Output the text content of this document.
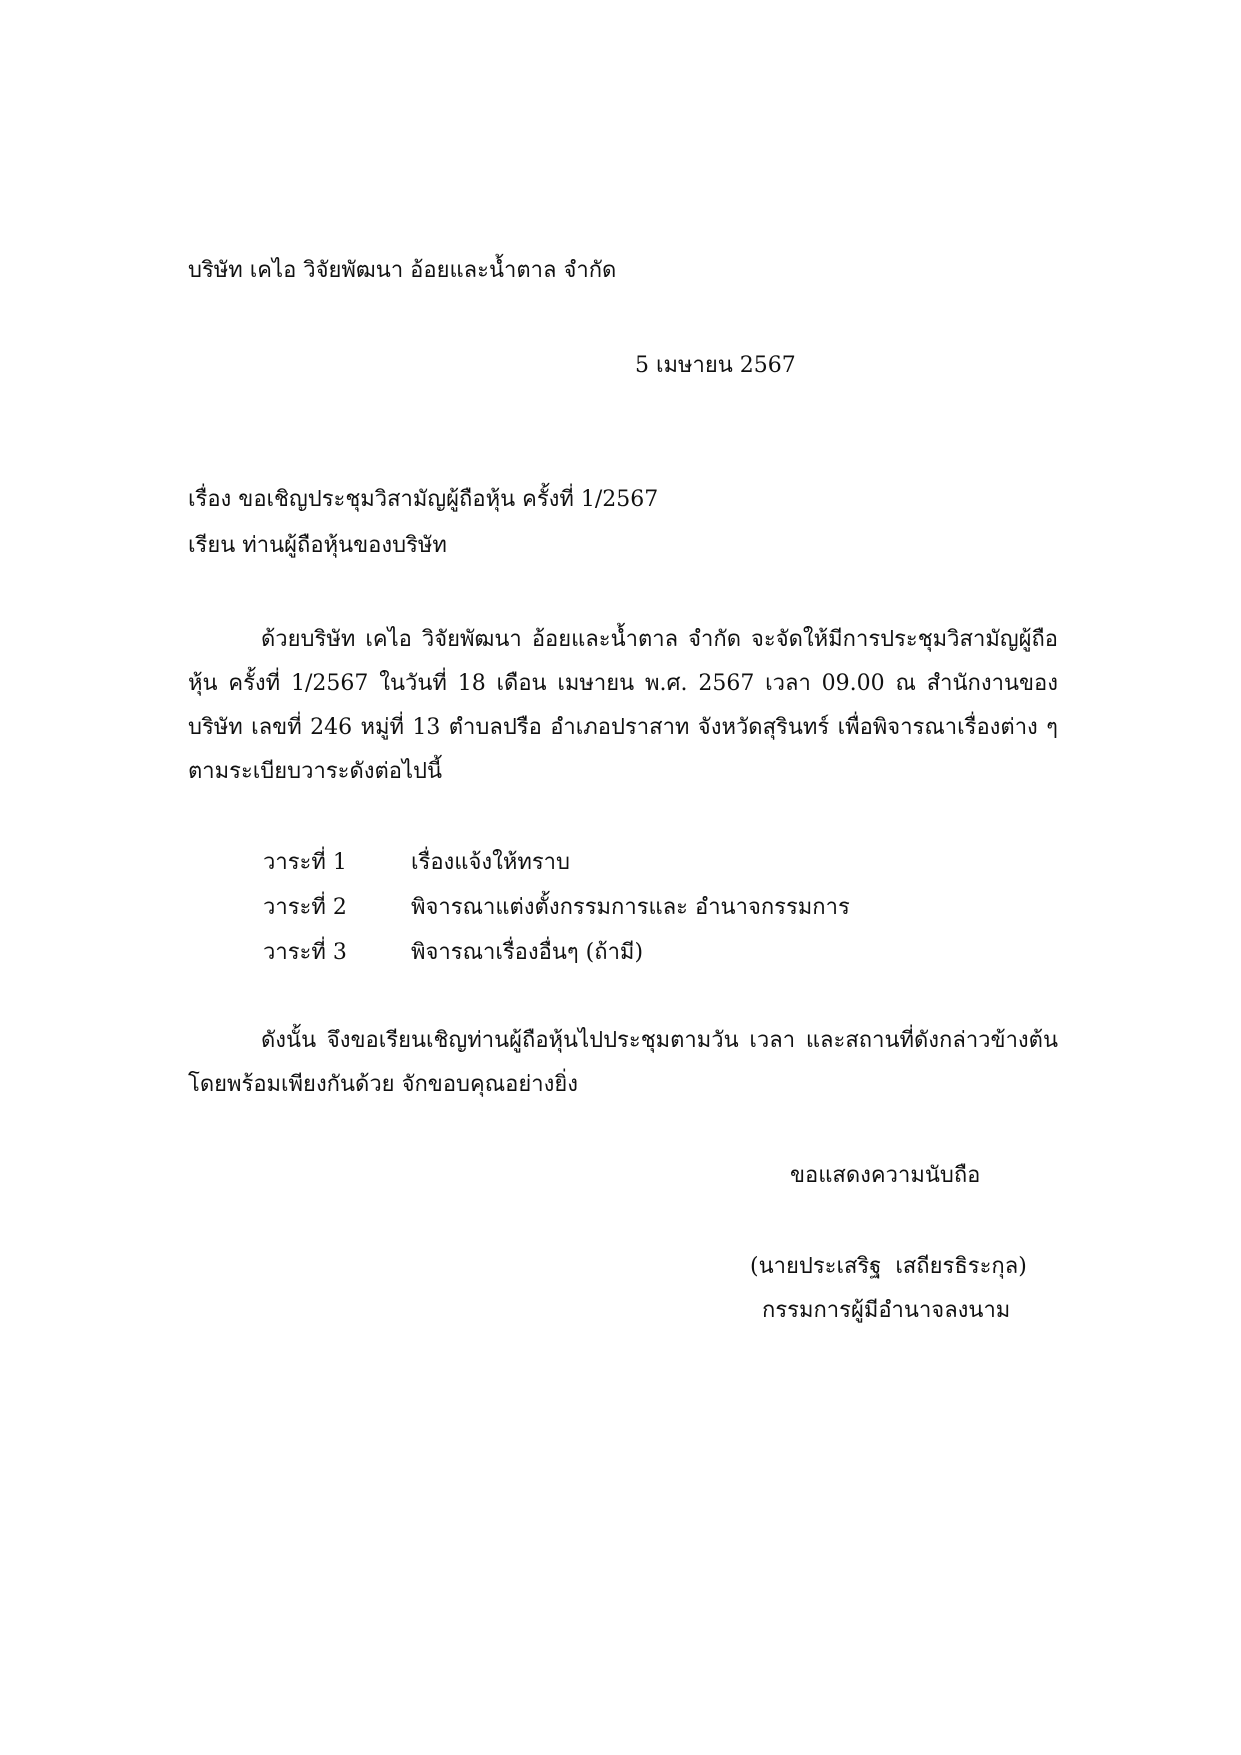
บริษัท เคไอ วิจัยพัฒนา อ้อยและน้ำตาล จำกัด
5 เมษายน 2567
เรื่อง ขอเชิญประชุมวิสามัญผู้ถือหุ้น ครั้งที่ 1/2567
เรียน ท่านผู้ถือหุ้นของบริษัท
ด้วยบริษัท เคไอ วิจัยพัฒนา อ้อยและน้ำตาล จำกัด จะจัดให้มีการประชุมวิสามัญผู้ถือหุ้น ครั้งที่ 1/2567 ในวันที่ 18 เดือน เมษายน พ.ศ. 2567 เวลา 09.00 ณ สำนักงานของบริษัท เลขที่ 246 หมู่ที่ 13 ตำบลปรือ อำเภอปราสาท จังหวัดสุรินทร์ เพื่อพิจารณาเรื่องต่าง ๆ ตามระเบียบวาระดังต่อไปนี้
วาระที่ 1	เรื่องแจ้งให้ทราบ
วาระที่ 2	พิจารณาแต่งตั้งกรรมการและ อำนาจกรรมการ
วาระที่ 3	พิจารณาเรื่องอื่นๆ (ถ้ามี)
ดังนั้น จึงขอเรียนเชิญท่านผู้ถือหุ้นไปประชุมตามวัน เวลา และสถานที่ดังกล่าวข้างต้นโดยพร้อมเพียงกันด้วย จักขอบคุณอย่างยิ่ง
ขอแสดงความนับถือ
(นายประเสริฐ  เสถียรธิระกุล)
กรรมการผู้มีอำนาจลงนาม
